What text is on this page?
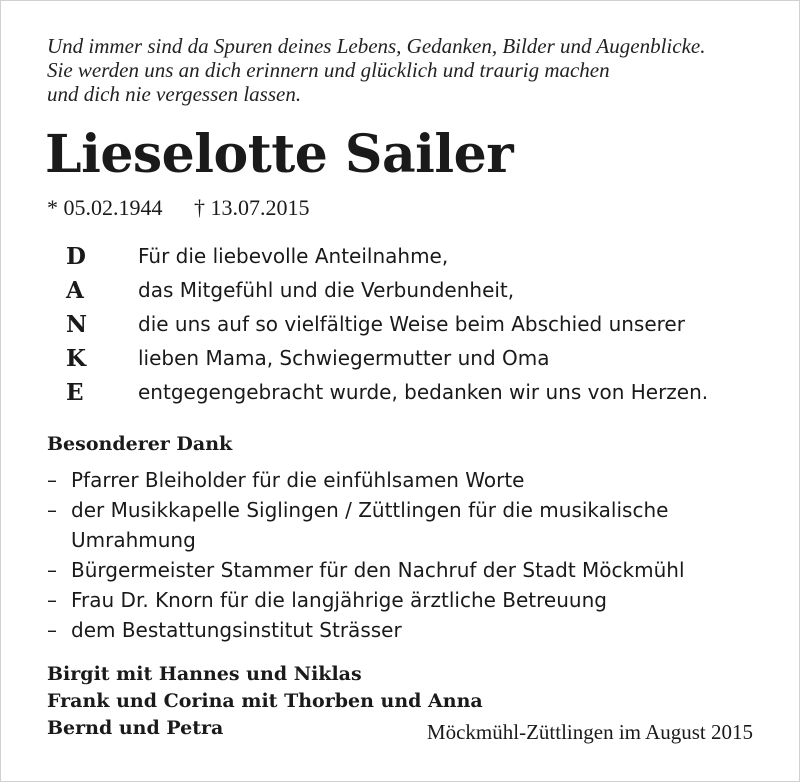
Und immer sind da Spuren deines Lebens, Gedanken, Bilder und Augenblicke.
Sie werden uns an dich erinnern und glücklich und traurig machen
und dich nie vergessen lassen.
Lieselotte Sailer
* 05.02.1944 † 13.07.2015
D	Für die liebevolle Anteilnahme,
A	das Mitgefühl und die Verbundenheit,
N	die uns auf so vielfältige Weise beim Abschied unserer
K	lieben Mama, Schwiegermutter und Oma
E	entgegengebracht wurde, bedanken wir uns von Herzen.
Besonderer Dank
– Pfarrer Bleiholder für die einfühlsamen Worte
– der Musikkapelle Siglingen / Züttlingen für die musikalische Umrahmung
– Bürgermeister Stammer für den Nachruf der Stadt Möckmühl
– Frau Dr. Knorn für die langjährige ärztliche Betreuung
– dem Bestattungsinstitut Strässer
Birgit mit Hannes und Niklas
Frank und Corina mit Thorben und Anna
Bernd und Petra	Möckmühl-Züttlingen im August 2015
